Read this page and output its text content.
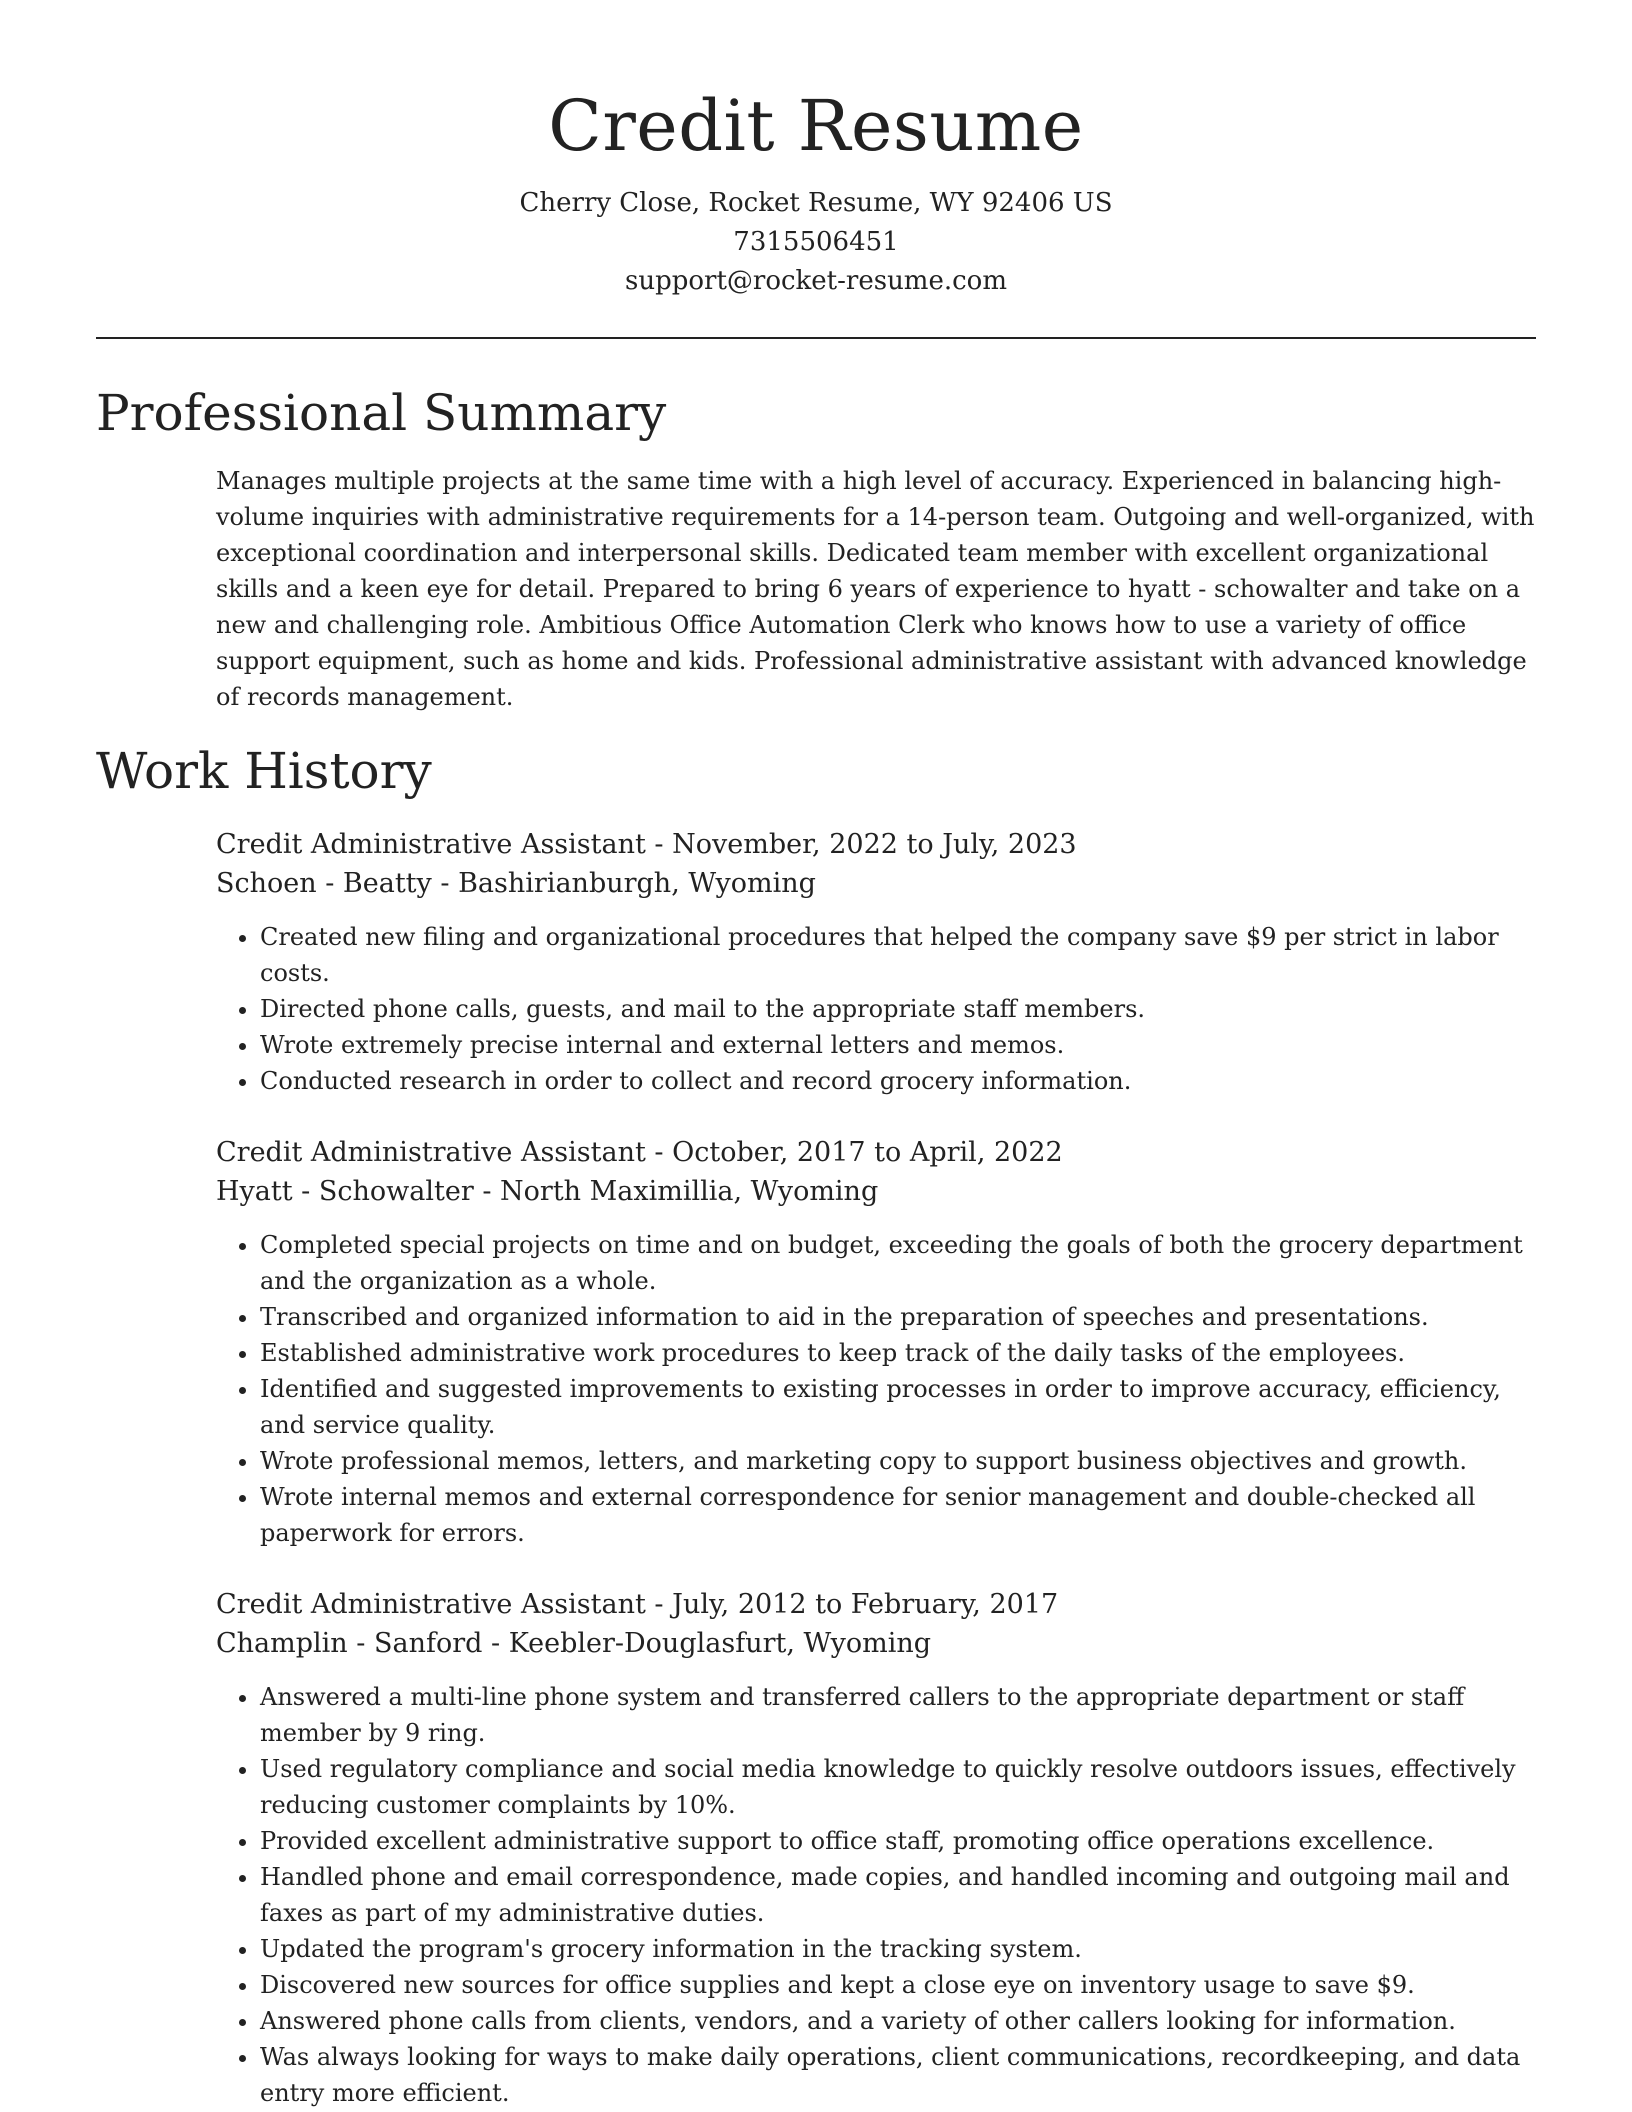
Credit Resume
Cherry Close, Rocket Resume, WY 92406 US
7315506451
support@rocket-resume.com
Professional Summary
Manages multiple projects at the same time with a high level of accuracy. Experienced in balancing high-volume inquiries with administrative requirements for a 14-person team. Outgoing and well-organized, with exceptional coordination and interpersonal skills. Dedicated team member with excellent organizational skills and a keen eye for detail. Prepared to bring 6 years of experience to hyatt - schowalter and take on a new and challenging role. Ambitious Office Automation Clerk who knows how to use a variety of office support equipment, such as home and kids. Professional administrative assistant with advanced knowledge of records management.
Work History
Credit Administrative Assistant - November, 2022 to July, 2023
Schoen - Beatty - Bashirianburgh, Wyoming
• Created new filing and organizational procedures that helped the company save $9 per strict in labor costs.
• Directed phone calls, guests, and mail to the appropriate staff members.
• Wrote extremely precise internal and external letters and memos.
• Conducted research in order to collect and record grocery information.
Credit Administrative Assistant - October, 2017 to April, 2022
Hyatt - Schowalter - North Maximillia, Wyoming
• Completed special projects on time and on budget, exceeding the goals of both the grocery department and the organization as a whole.
• Transcribed and organized information to aid in the preparation of speeches and presentations.
• Established administrative work procedures to keep track of the daily tasks of the employees.
• Identified and suggested improvements to existing processes in order to improve accuracy, efficiency, and service quality.
• Wrote professional memos, letters, and marketing copy to support business objectives and growth.
• Wrote internal memos and external correspondence for senior management and double-checked all paperwork for errors.
Credit Administrative Assistant - July, 2012 to February, 2017
Champlin - Sanford - Keebler-Douglasfurt, Wyoming
• Answered a multi-line phone system and transferred callers to the appropriate department or staff member by 9 ring.
• Used regulatory compliance and social media knowledge to quickly resolve outdoors issues, effectively reducing customer complaints by 10%.
• Provided excellent administrative support to office staff, promoting office operations excellence.
• Handled phone and email correspondence, made copies, and handled incoming and outgoing mail and faxes as part of my administrative duties.
• Updated the program's grocery information in the tracking system.
• Discovered new sources for office supplies and kept a close eye on inventory usage to save $9.
• Answered phone calls from clients, vendors, and a variety of other callers looking for information.
• Was always looking for ways to make daily operations, client communications, recordkeeping, and data entry more efficient.
